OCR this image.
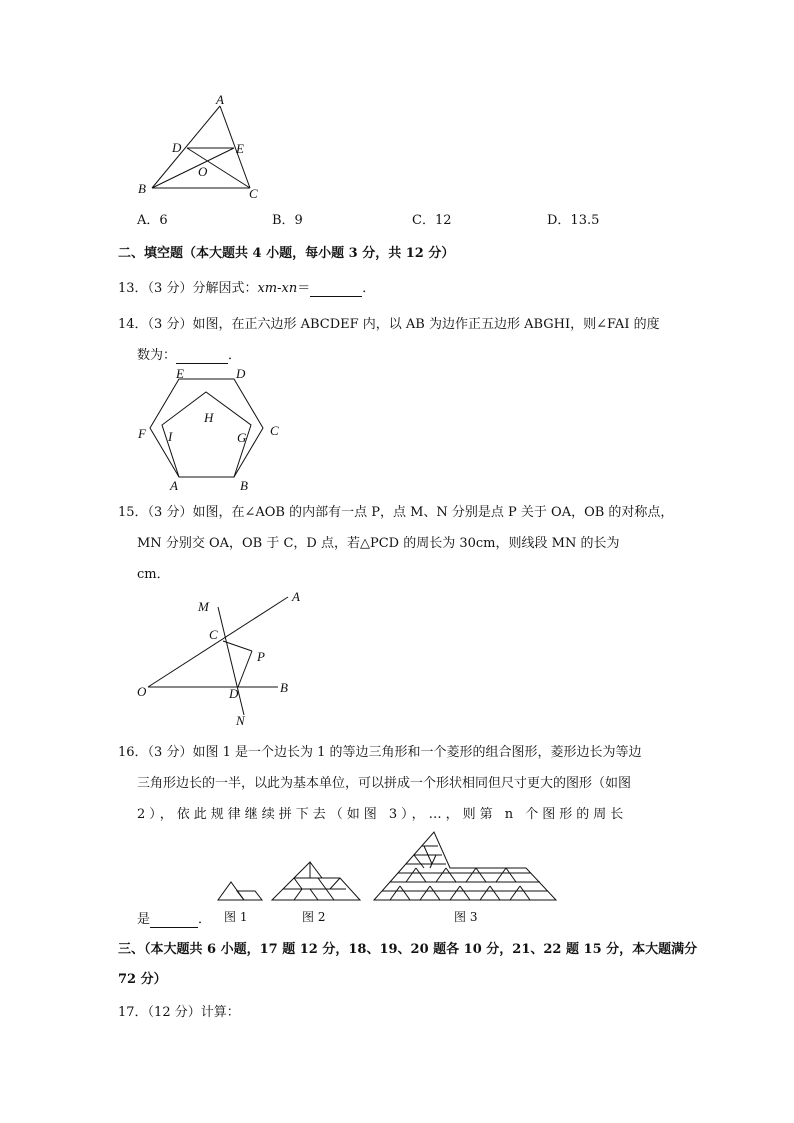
A
D	E
O
B	C
A．6	B．9	C．12	D．13.5
二、填空题（本大题共 4 小题，每小题 3 分，共 12 分）
13．（3 分）分解因式：xm-xn＝	．
14．（3 分）如图，在正六边形 ABCDEF 内，以 AB 为边作正五边形 ABGHI，则∠FAI 的度
数为：	．
E	D
C
F
H
I	G
A	B
15．（3 分）如图，在∠AOB 的内部有一点 P，点 M、N 分别是点 P 关于 OA，OB 的对称点，
MN 分别交 OA，OB 于 C，D 点，若△PCD 的周长为 30cm，则线段 MN 的长为
cm．
A
M
C
P
O	D	B
N
16．（3 分）如图 1 是一个边长为 1 的等边三角形和一个菱形的组合图形，菱形边长为等边
三角形边长的一半，以此为基本单位，可以拼成一个形状相同但尺寸更大的图形（如图
2），依此规律继续拼下去（如图 3），…，则第 n 个图形的周长
是	． 图 1	图 2	图 3
三、（本大题共 6 小题，17 题 12 分，18、19、20 题各 10 分，21、22 题 15 分，本大题满分
72 分）
17．（12 分）计算：
